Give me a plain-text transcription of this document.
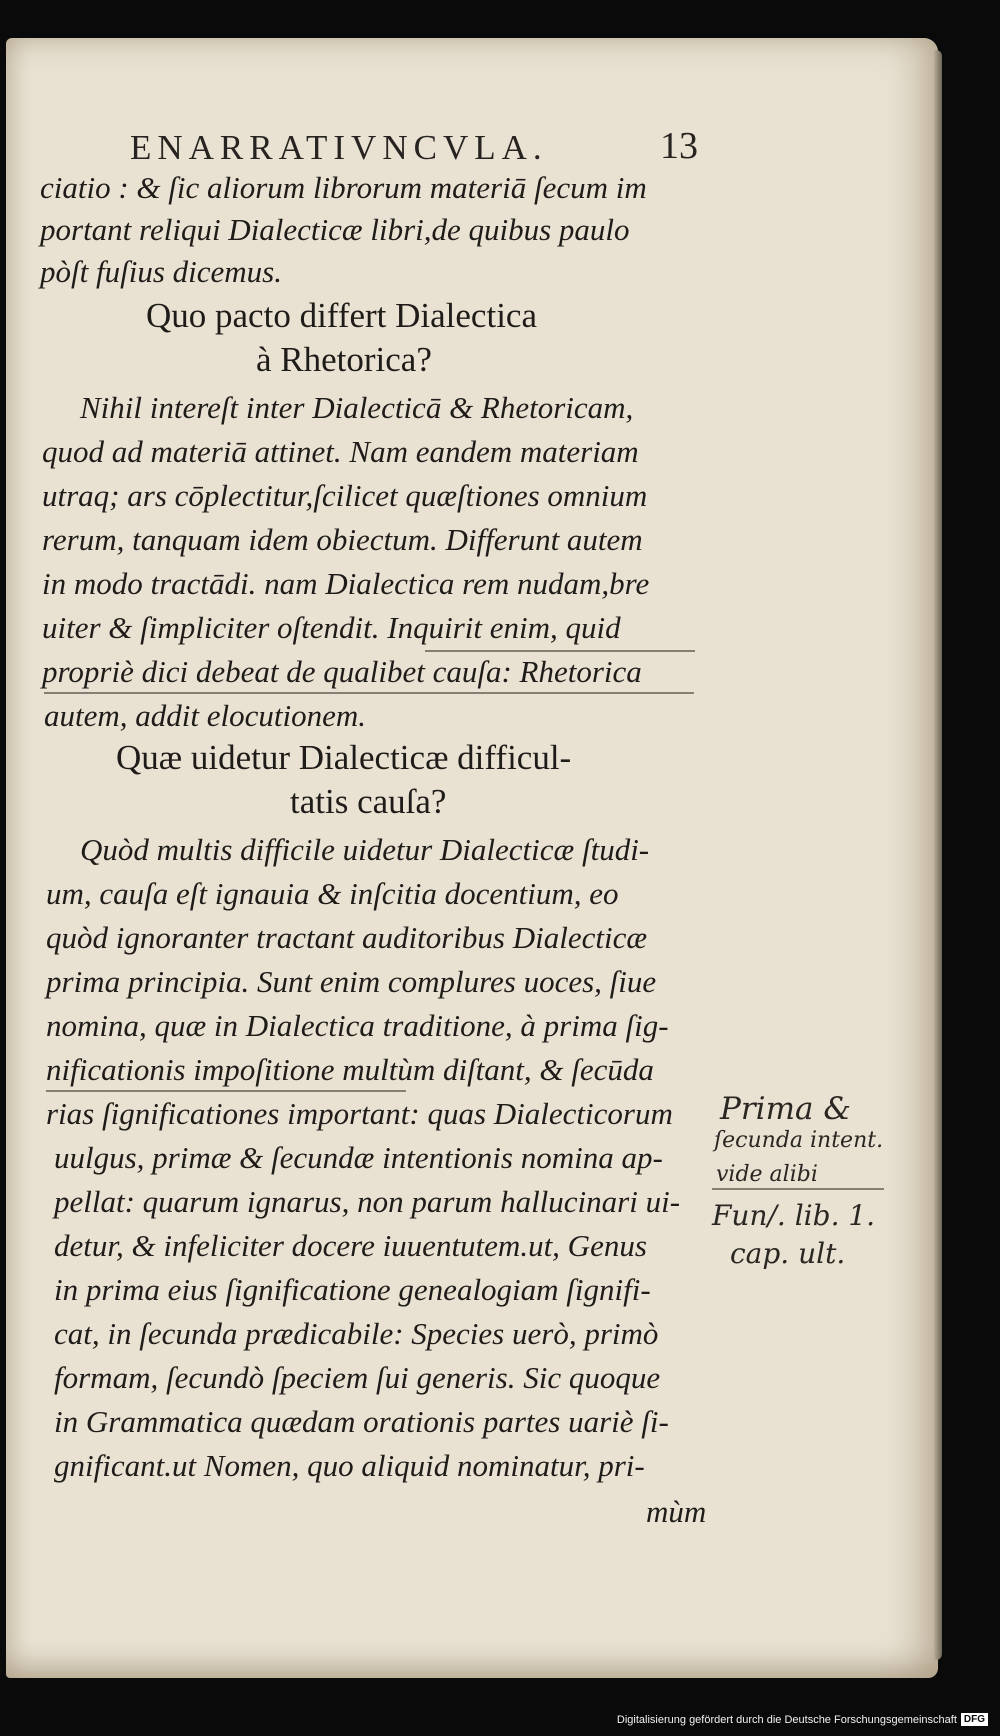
ENARRATIVNCVLA.	13
ciatio : & ſic aliorum librorum materiā ſecum im
portant reliqui Dialecticæ libri,de quibus paulo
pòſt fuſius dicemus.
Quo pacto differt Dialectica
à Rhetorica?
Nihil intereſt inter Dialecticā & Rhetoricam,
quod ad materiā attinet. Nam eandem materiam
utraq; ars cōplectitur,ſcilicet quæſtiones omnium
rerum, tanquam idem obiectum. Differunt autem
in modo tractādi. nam Dialectica rem nudam,bre
uiter & ſimpliciter oſtendit. Inquirit enim, quid
propriè dici debeat de qualibet cauſa: Rhetorica
autem, addit elocutionem.
Quæ uidetur Dialecticæ difficul-
tatis cauſa?
Quòd multis difficile uidetur Dialecticæ ſtudi-
um, cauſa eſt ignauia & inſcitia docentium, eo
quòd ignoranter tractant auditoribus Dialecticæ
prima principia. Sunt enim complures uoces, ſiue
nomina, quæ in Dialectica traditione, à prima ſig-
nificationis impoſitione multùm diſtant, & ſecūda
rias ſignificationes important: quas Dialecticorum
uulgus, primæ & ſecundæ intentionis nomina ap-
pellat: quarum ignarus, non parum hallucinari ui-
detur, & infeliciter docere iuuentutem.ut, Genus
in prima eius ſignificatione genealogiam ſignifi-
cat, in ſecunda prædicabile: Species uerò, primò
formam, ſecundò ſpeciem ſui generis. Sic quoque
in Grammatica quædam orationis partes uariè ſi-
gnificant.ut Nomen, quo aliquid nominatur, pri-
mùm
Prima &
ſecunda intent.
vide alibi
Fun/. lib. 1.
cap. ult.
Digitalisierung gefördert durch die Deutsche Forschungsgemeinschaft DFG
